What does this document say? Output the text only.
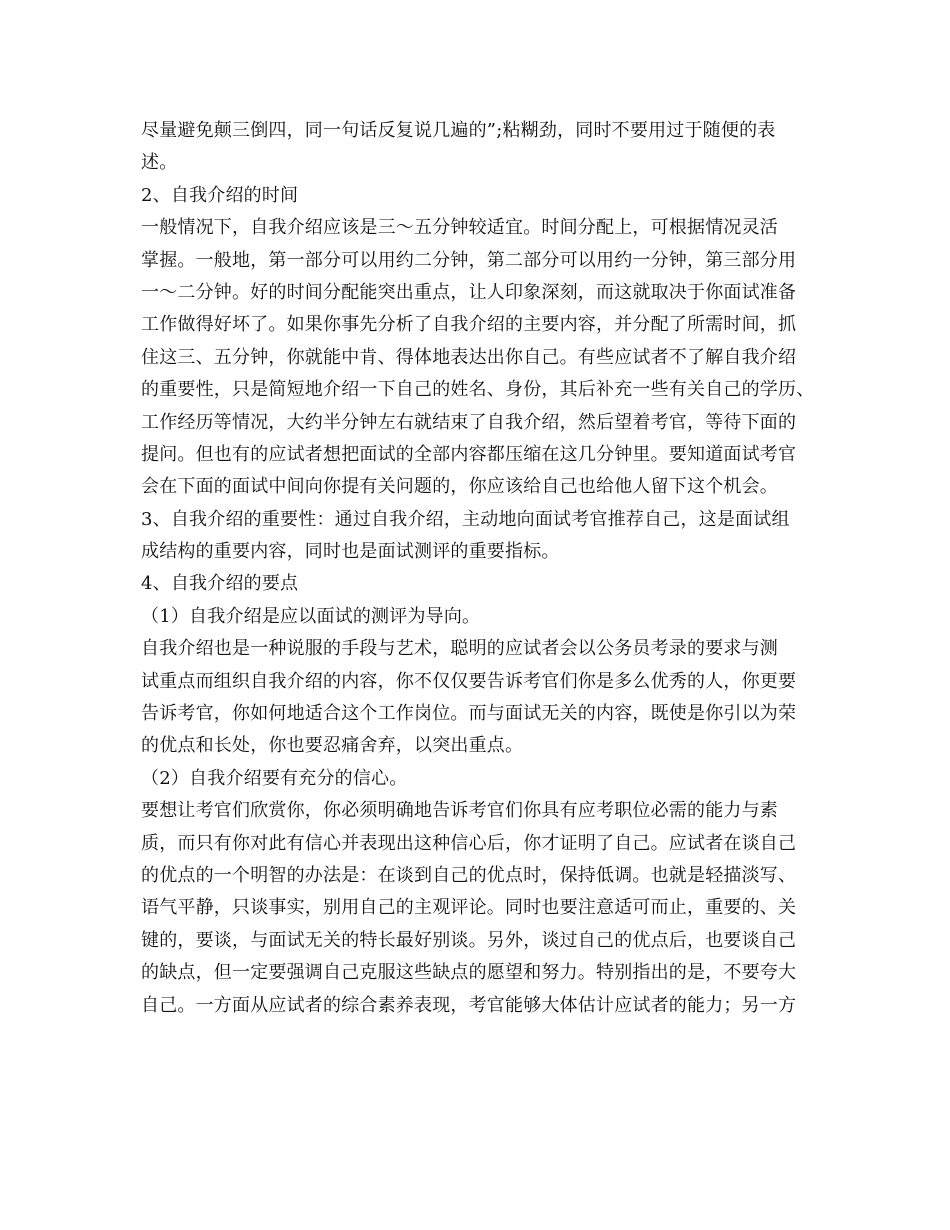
尽量避免颠三倒四，同一句话反复说几遍的”;粘糊劲，同时不要用过于随便的表
述。
2、自我介绍的时间
一般情况下，自我介绍应该是三～五分钟较适宜。时间分配上，可根据情况灵活
掌握。一般地，第一部分可以用约二分钟，第二部分可以用约一分钟，第三部分用
一～二分钟。好的时间分配能突出重点，让人印象深刻，而这就取决于你面试准备
工作做得好坏了。如果你事先分析了自我介绍的主要内容，并分配了所需时间，抓
住这三、五分钟，你就能中肯、得体地表达出你自己。有些应试者不了解自我介绍
的重要性，只是简短地介绍一下自己的姓名、身份，其后补充一些有关自己的学历、
工作经历等情况，大约半分钟左右就结束了自我介绍，然后望着考官，等待下面的
提问。但也有的应试者想把面试的全部内容都压缩在这几分钟里。要知道面试考官
会在下面的面试中间向你提有关问题的，你应该给自己也给他人留下这个机会。
3、自我介绍的重要性：通过自我介绍，主动地向面试考官推荐自己，这是面试组
成结构的重要内容，同时也是面试测评的重要指标。
4、自我介绍的要点
（1）自我介绍是应以面试的测评为导向。
自我介绍也是一种说服的手段与艺术，聪明的应试者会以公务员考录的要求与测
试重点而组织自我介绍的内容，你不仅仅要告诉考官们你是多么优秀的人，你更要
告诉考官，你如何地适合这个工作岗位。而与面试无关的内容，既使是你引以为荣
的优点和长处，你也要忍痛舍弃，以突出重点。
（2）自我介绍要有充分的信心。
要想让考官们欣赏你，你必须明确地告诉考官们你具有应考职位必需的能力与素
质，而只有你对此有信心并表现出这种信心后，你才证明了自己。应试者在谈自己
的优点的一个明智的办法是：在谈到自己的优点时，保持低调。也就是轻描淡写、
语气平静，只谈事实，别用自己的主观评论。同时也要注意适可而止，重要的、关
键的，要谈，与面试无关的特长最好别谈。另外，谈过自己的优点后，也要谈自己
的缺点，但一定要强调自己克服这些缺点的愿望和努力。特别指出的是，不要夸大
自己。一方面从应试者的综合素养表现，考官能够大体估计应试者的能力；另一方
